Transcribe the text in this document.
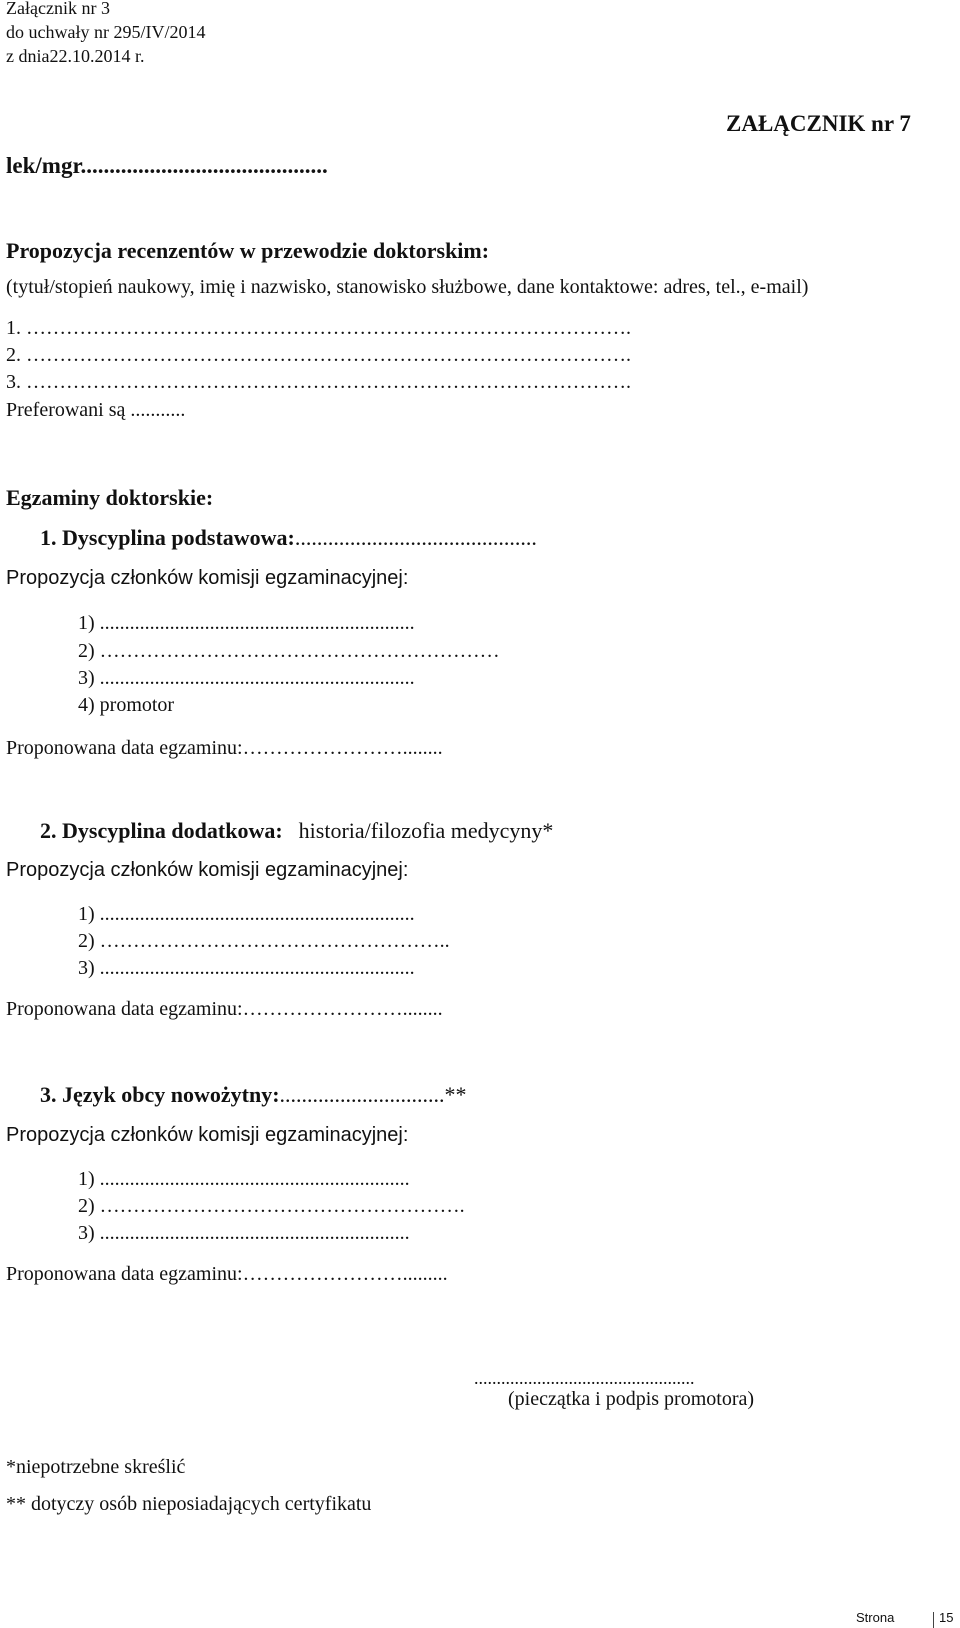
Załącznik nr 3
do uchwały nr 295/IV/2014
z dnia22.10.2014 r.
ZAŁĄCZNIK nr 7
lek/mgr...........................................
Propozycja recenzentów w przewodzie doktorskim:
(tytuł/stopień naukowy, imię i nazwisko, stanowisko służbowe, dane kontaktowe: adres, tel., e-mail)
1. ……………………………………………………………………………….
2. ……………………………………………………………………………….
3. ……………………………………………………………………………….
Preferowani są ...........
Egzaminy doktorskie:
1. Dyscyplina podstawowa:............................................
Propozycja członków komisji egzaminacyjnej:
1) ...............................................................
2) ……………………………………………………
3) ...............................................................
4) promotor
Proponowana data egzaminu:……………………........
2. Dyscyplina dodatkowa: historia/filozofia medycyny*
Propozycja członków komisji egzaminacyjnej:
1) ...............................................................
2) ……………………………………………..
3) ...............................................................
Proponowana data egzaminu:……………………........
3. Język obcy nowożytny:..............................**
Propozycja członków komisji egzaminacyjnej:
1) ..............................................................
2) ……………………………………………….
3) ..............................................................
Proponowana data egzaminu:…………………….........
.................................................
(pieczątka i podpis promotora)
*niepotrzebne skreślić
** dotyczy osób nieposiadających certyfikatu
Strona	15
